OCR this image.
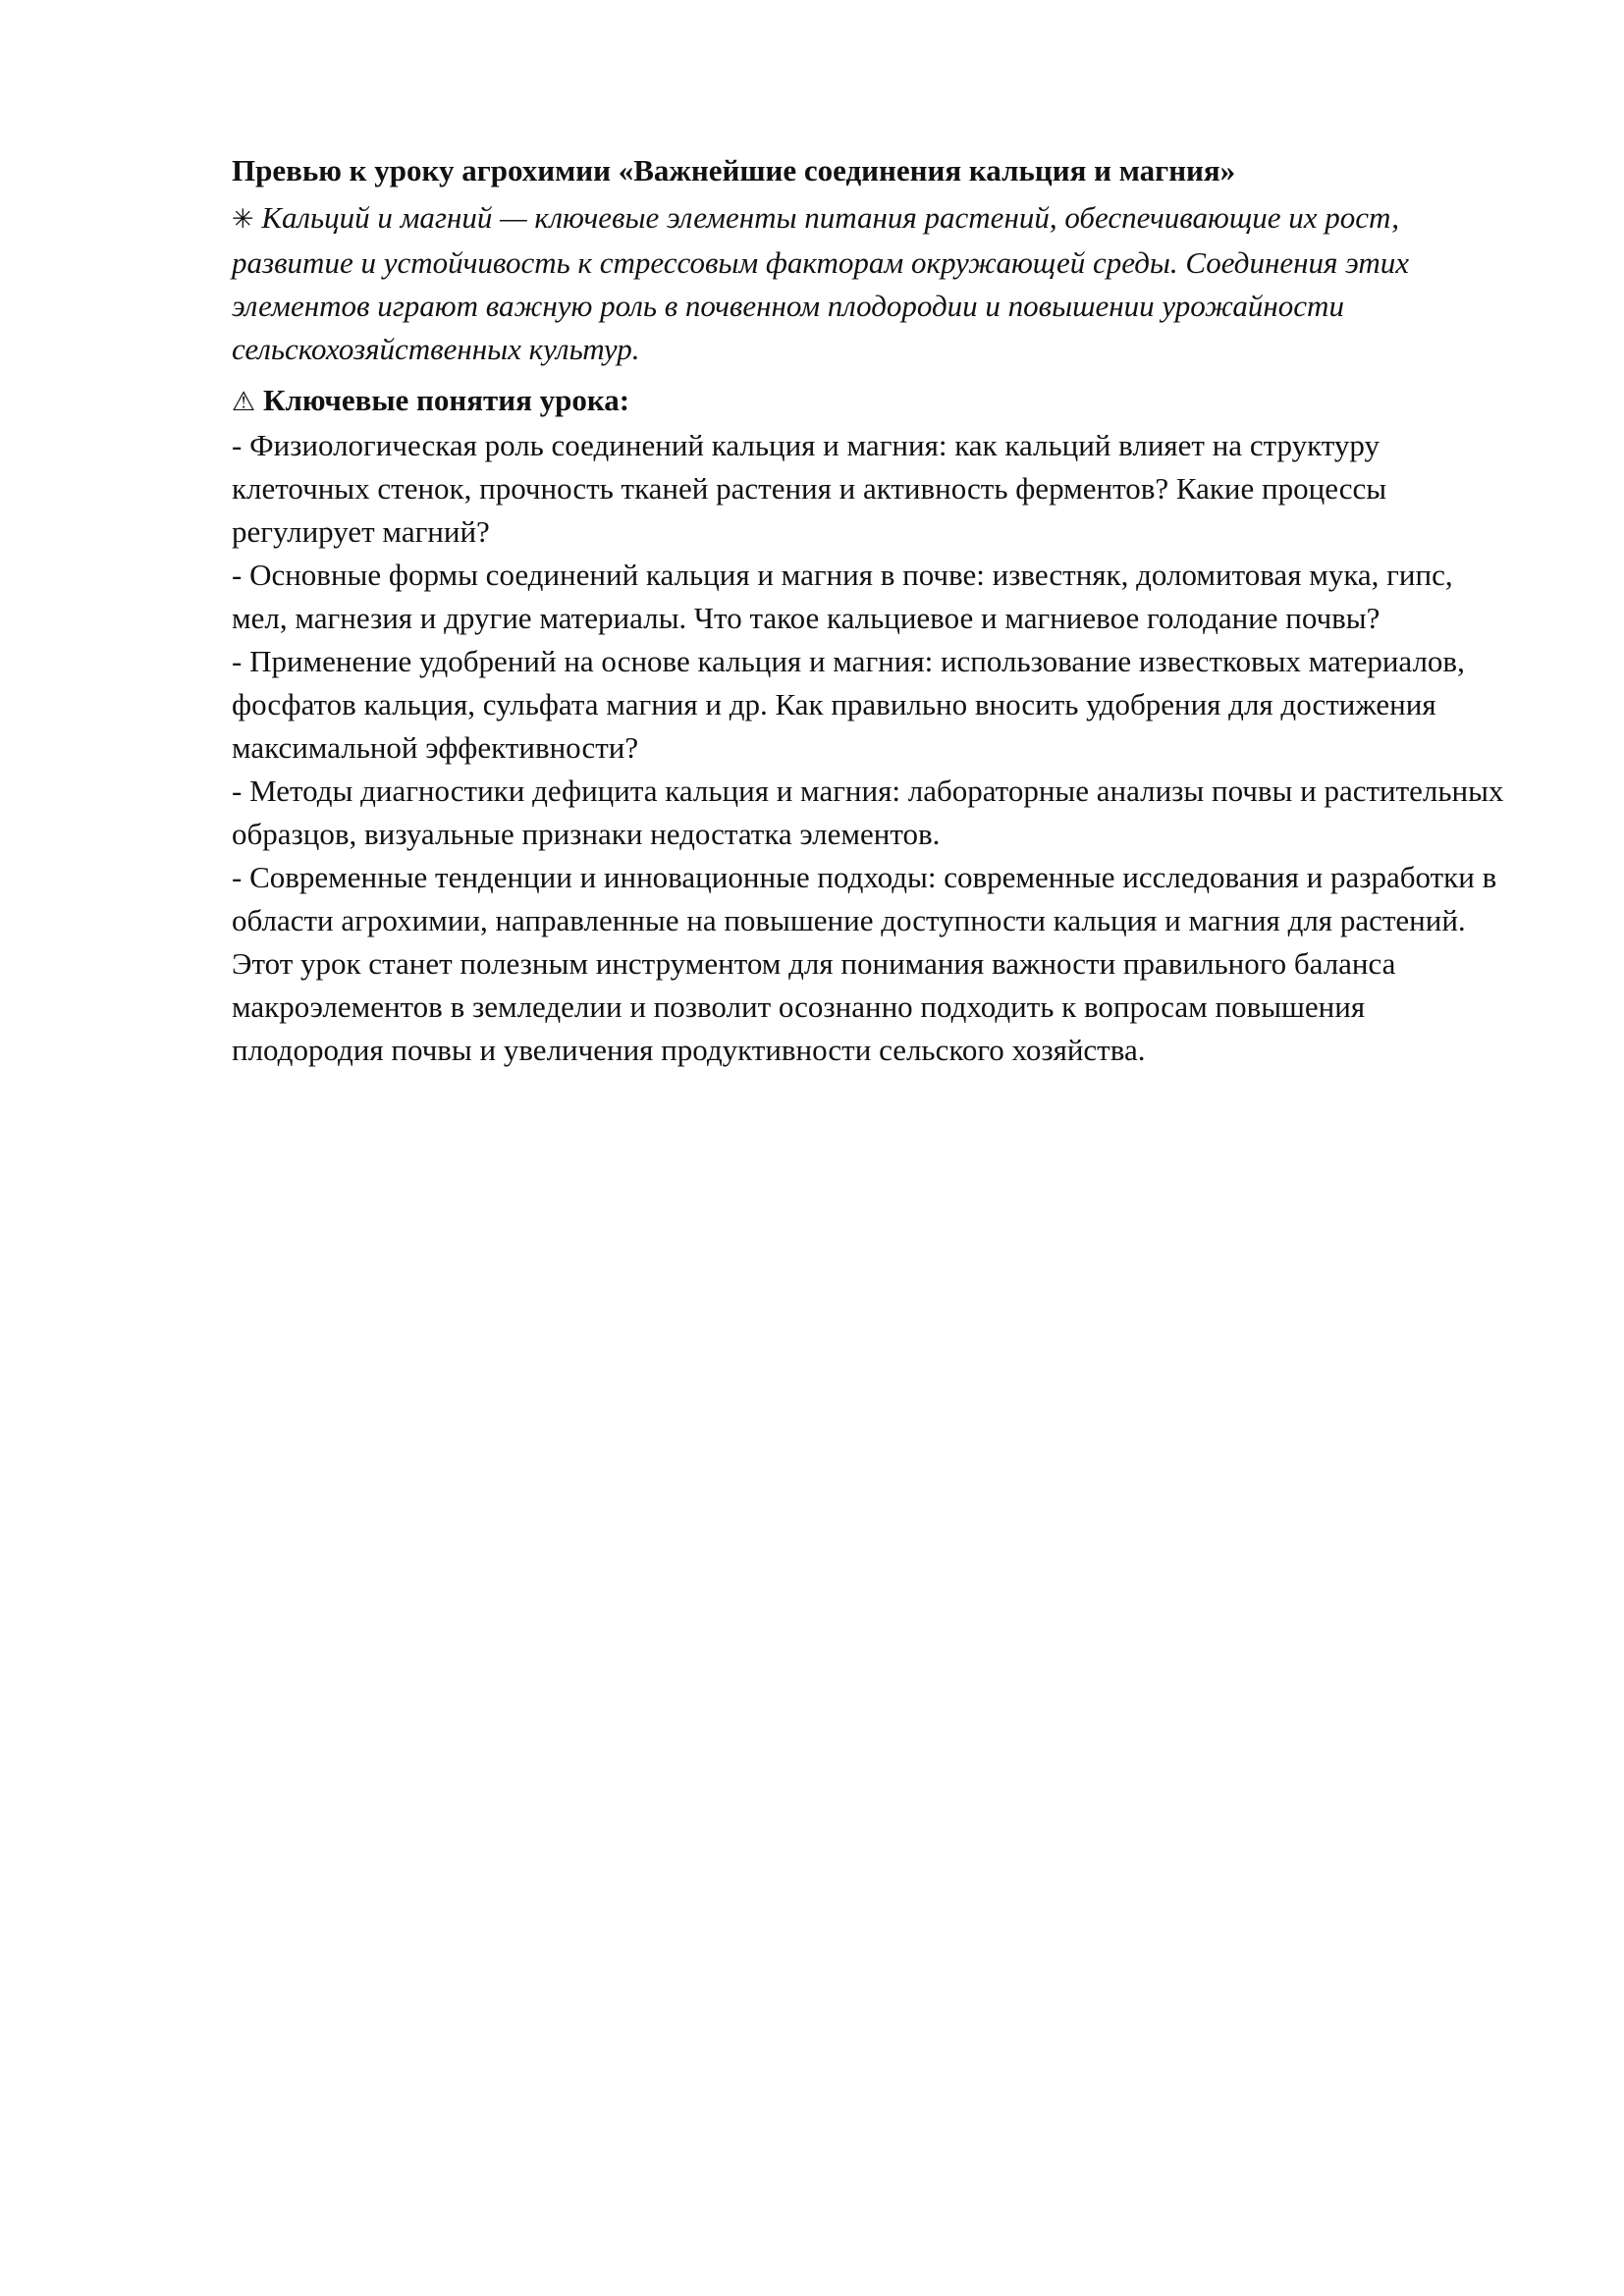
Превью к уроку агрохимии «Важнейшие соединения кальция и магния»

✳ Кальций и магний — ключевые элементы питания растений, обеспечивающие их рост, развитие и устойчивость к стрессовым факторам окружающей среды. Соединения этих элементов играют важную роль в почвенном плодородии и повышении урожайности сельскохозяйственных культур.

⚠ Ключевые понятия урока:

- Физиологическая роль соединений кальция и магния: как кальций влияет на структуру клеточных стенок, прочность тканей растения и активность ферментов? Какие процессы регулирует магний?

- Основные формы соединений кальция и магния в почве: известняк, доломитовая мука, гипс, мел, магнезия и другие материалы. Что такое кальциевое и магниевое голодание почвы?

- Применение удобрений на основе кальция и магния: использование известковых материалов, фосфатов кальция, сульфата магния и др. Как правильно вносить удобрения для достижения максимальной эффективности?

- Методы диагностики дефицита кальция и магния: лабораторные анализы почвы и растительных образцов, визуальные признаки недостатка элементов.

- Современные тенденции и инновационные подходы: современные исследования и разработки в области агрохимии, направленные на повышение доступности кальция и магния для растений.

Этот урок станет полезным инструментом для понимания важности правильного баланса макроэлементов в земледелии и позволит осознанно подходить к вопросам повышения плодородия почвы и увеличения продуктивности сельского хозяйства.
